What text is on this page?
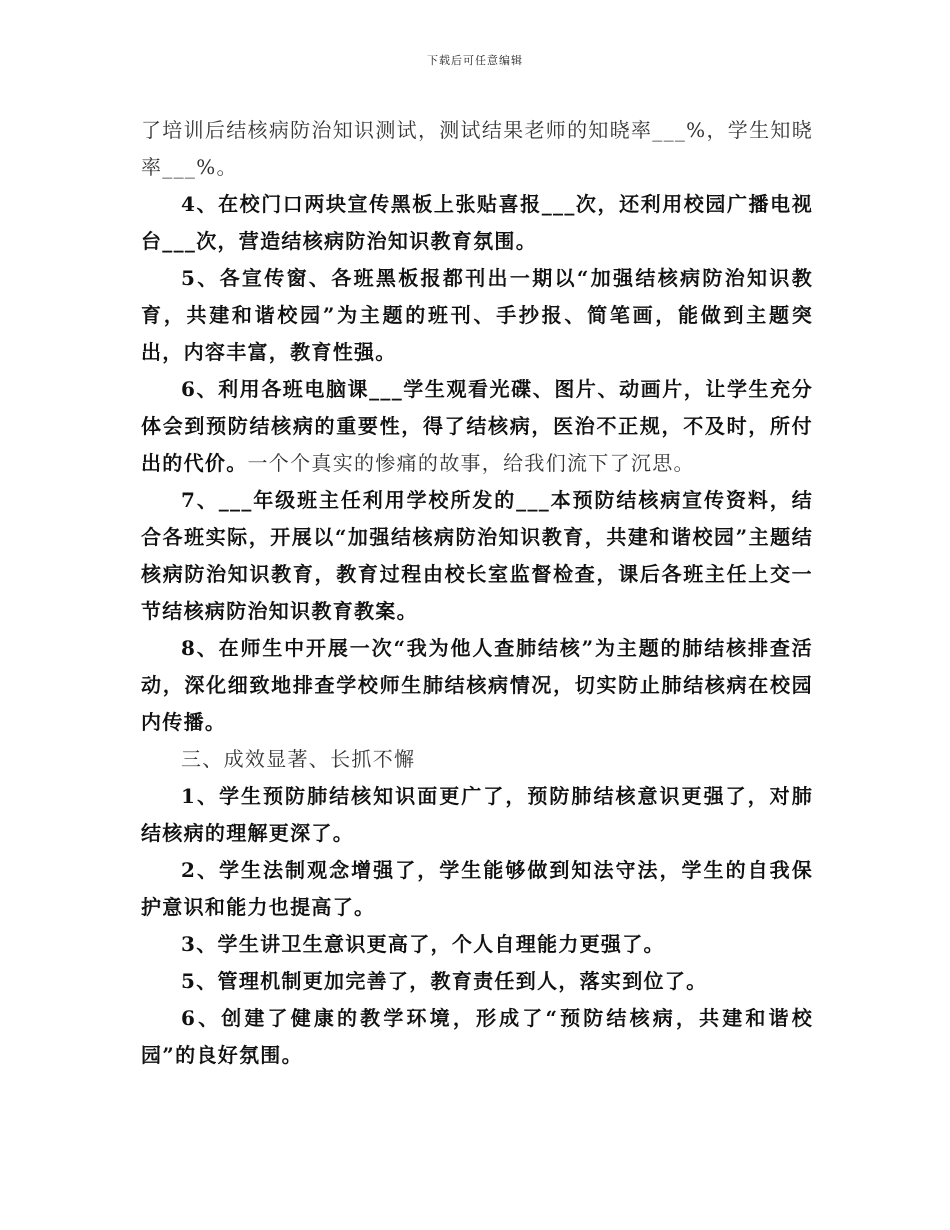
下载后可任意编辑

了培训后结核病防治知识测试，测试结果老师的知晓率___%，学生知晓率___%。

4、在校门口两块宣传黑板上张贴喜报___次，还利用校园广播电视台___次，营造结核病防治知识教育氛围。

5、各宣传窗、各班黑板报都刊出一期以“加强结核病防治知识教育，共建和谐校园”为主题的班刊、手抄报、简笔画，能做到主题突出，内容丰富，教育性强。

6、利用各班电脑课___学生观看光碟、图片、动画片，让学生充分体会到预防结核病的重要性，得了结核病，医治不正规，不及时，所付出的代价。一个个真实的惨痛的故事，给我们流下了沉思。

7、___年级班主任利用学校所发的___本预防结核病宣传资料，结合各班实际，开展以“加强结核病防治知识教育，共建和谐校园”主题结核病防治知识教育，教育过程由校长室监督检查，课后各班主任上交一节结核病防治知识教育教案。

8、在师生中开展一次“我为他人查肺结核”为主题的肺结核排查活动，深化细致地排查学校师生肺结核病情况，切实防止肺结核病在校园内传播。

三、成效显著、长抓不懈

1、学生预防肺结核知识面更广了，预防肺结核意识更强了，对肺结核病的理解更深了。

2、学生法制观念增强了，学生能够做到知法守法，学生的自我保护意识和能力也提高了。

3、学生讲卫生意识更高了，个人自理能力更强了。

5、管理机制更加完善了，教育责任到人，落实到位了。

6、创建了健康的教学环境，形成了“预防结核病，共建和谐校园”的良好氛围。
